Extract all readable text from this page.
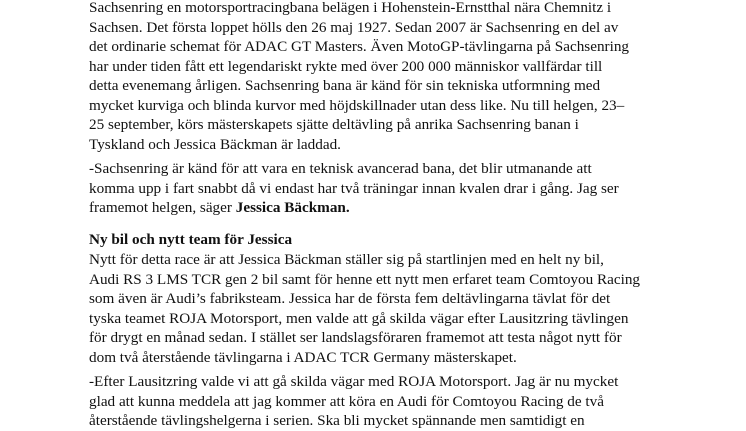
Sachsenring en motorsportracingbana belägen i Hohenstein-Ernstthal nära Chemnitz i
Sachsen. Det första loppet hölls den 26 maj 1927. Sedan 2007 är Sachsenring en del av
det ordinarie schemat för ADAC GT Masters. Även MotoGP-tävlingarna på Sachsenring
har under tiden fått ett legendariskt rykte med över 200 000 människor vallfärdar till
detta evenemang årligen. Sachsenring bana är känd för sin tekniska utformning med
mycket kurviga och blinda kurvor med höjdskillnader utan dess like. Nu till helgen, 23–
25 september, körs mästerskapets sjätte deltävling på anrika Sachsenring banan i
Tyskland och Jessica Bäckman är laddad.
-Sachsenring är känd för att vara en teknisk avancerad bana, det blir utmanande att
komma upp i fart snabbt då vi endast har två träningar innan kvalen drar i gång. Jag ser
framemot helgen, säger Jessica Bäckman.
Ny bil och nytt team för Jessica
Nytt för detta race är att Jessica Bäckman ställer sig på startlinjen med en helt ny bil,
Audi RS 3 LMS TCR gen 2 bil samt för henne ett nytt men erfaret team Comtoyou Racing
som även är Audi’s fabriksteam. Jessica har de första fem deltävlingarna tävlat för det
tyska teamet ROJA Motorsport, men valde att gå skilda vägar efter Lausitzring tävlingen
för drygt en månad sedan. I stället ser landslagsföraren framemot att testa något nytt för
dom två återstående tävlingarna i ADAC TCR Germany mästerskapet.
-Efter Lausitzring valde vi att gå skilda vägar med ROJA Motorsport. Jag är nu mycket
glad att kunna meddela att jag kommer att köra en Audi för Comtoyou Racing de två
återstående tävlingshelgerna i serien. Ska bli mycket spännande men samtidigt en
